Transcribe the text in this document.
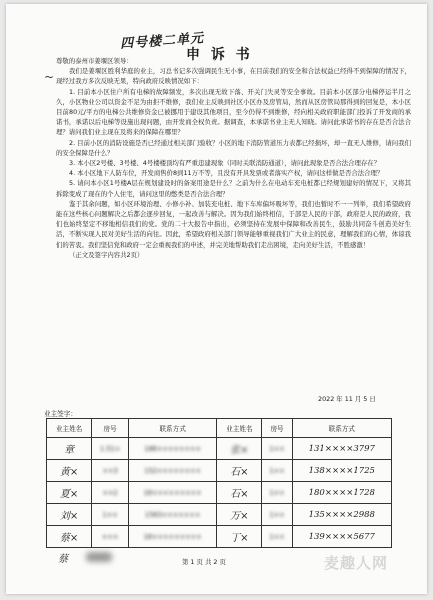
四号楼二单元
申 诉 书
~

尊敬的泰州市姜堰区领导：

我们是姜堰区胜利华庭的业主，习总书记多次强调民生无小事，在目前我们的安全和合法权益已经得不到保障的情况下，现经过我方多次反映无果，特向政府反映情况如下：

1. 目前本小区住户所有电梯的故障频发，多次出现无故下落、开关门失灵等安全事故。目前本小区部分电梯停运半月之久，小区物业公司以资金不足为由拒不维修，我们业主反映到社区小区办及房管局，然而从区房管局那得到的回复是，本小区目前80元/平方的电梯公共维修资金已被挪用于建设其他项目，至今仍得不到维修，经向相关政府职能部门投诉了开发商的承诺书，承诺以后电梯等设施出现问题，由开发商全权负责。据调查，本承诺书业主无人知晓。请问此承诺书的存在是否合法合理？请问我们业主现在及将来的保障在哪里？

2. 目前小区的消防设施是否已经通过相关部门验收？小区的地下消防管道压力表都已经损坏，却一直无人维修，请问我们的安全保障是什么？

3. 本小区2号楼、3号楼、4号楼楼顶均有严重违建现象（同时关联消防通道），请问此现象是否合法合理存在？

4. 本小区地下人防车位，开发商售价8到11万不等，且没有开具发票或者落实产权，请问这样做是否合法合理？

5. 请问本小区1号楼A层在规划建设时的备案用途是什么？之前为什么在电动车充电桩都已经规划建好的情况下，又将其拆除变成了现在的个人住宅，请问这里的憋类是否合法合理？

鉴于其余问题，如小区环境治理、小修小补、加装充电桩、地下车库偏坏吸坏等，我们也暂时不一一列举，我们希望政府能在这些核心问题解决之后都会逐步回复，一起改善与解决。因为我们始终相信，于部是人民的干部，政府是人民的政府，我们也始终坚定不移地相信我们的党。党的二十大报告中指出，必须坚持在发展中保障和改善民生，鼓励共同奋斗创造美好生活，不断实现人民对美好生活的向往。因此，希望政府相关部门领导能够重视我们广大业主的民意，理解我们的心情，体谅我们的苦衷。我们坚信党和政府一定会重视我们的申述，并完美地帮助我们走出困境，走向美好生活，不胜感激！

（正文及签字内容共2页）

2022 年 11 月 5 日
业主签字：
业主姓名	房号	联系方式	业主姓名	房号	联系方式
章	1.51×	186××××××××	张×	1××	131××××3797
黄×	××3	152××××××××	石×	1××	138××××1725
夏×	××2	18×××××××××	石×	1××	180××××1728
刘×	1××	1583×××××××	万×	1××	135××××2988
蔡×	×××	18×××××××××	丁×	1××	139××××5677
蔡	第 1 页 共 2 页	麦趣人网
